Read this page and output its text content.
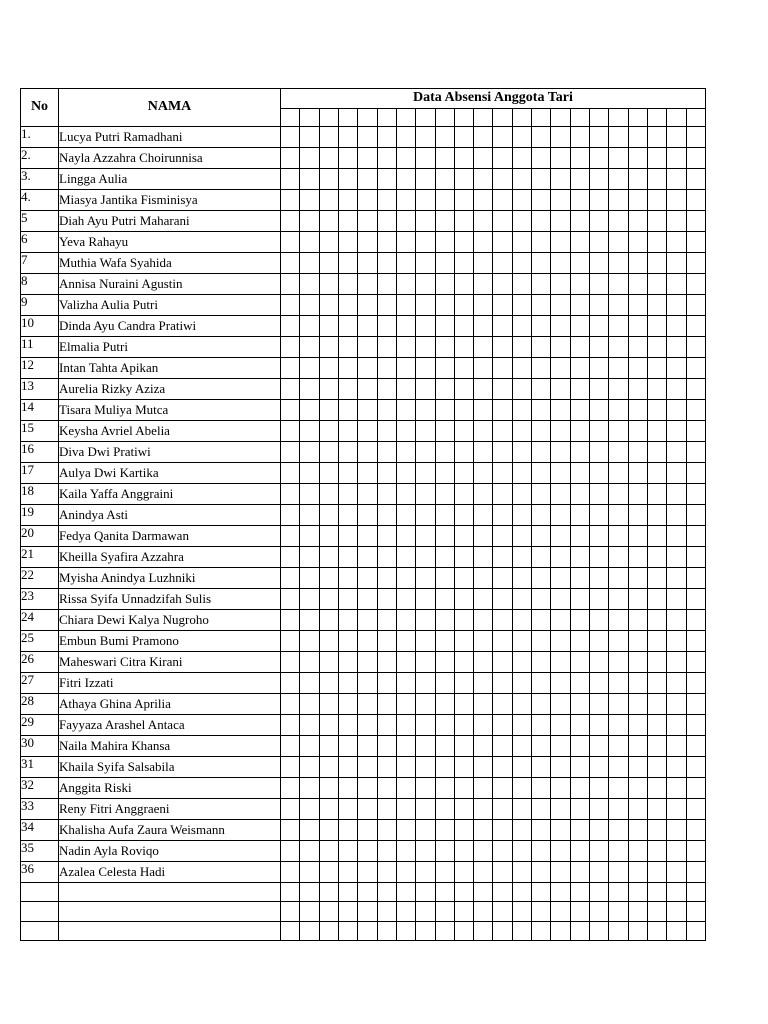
No	NAMA	Data Absensi Anggota Tari																					

1.	Lucya Putri Ramadhani																						
2.	Nayla Azzahra Choirunnisa																						
3.	Lingga Aulia																						
4.	Miasya Jantika Fisminisya																						
5	Diah Ayu Putri Maharani																						
6	Yeva Rahayu																						
7	Muthia Wafa Syahida																						
8	Annisa Nuraini Agustin																						
9	Valizha Aulia Putri																						
10	Dinda Ayu Candra Pratiwi																						
11	Elmalia Putri																						
12	Intan Tahta Apikan																						
13	Aurelia Rizky Aziza																						
14	Tisara Muliya Mutca																						
15	Keysha Avriel Abelia																						
16	Diva Dwi Pratiwi																						
17	Aulya Dwi Kartika																						
18	Kaila Yaffa Anggraini																						
19	Anindya Asti																						
20	Fedya Qanita Darmawan																						
21	Kheilla Syafira Azzahra																						
22	Myisha Anindya Luzhniki																						
23	Rissa Syifa Unnadzifah Sulis																						
24	Chiara Dewi Kalya Nugroho																						
25	Embun Bumi Pramono																						
26	Maheswari Citra Kirani																						
27	Fitri Izzati																						
28	Athaya Ghina Aprilia																						
29	Fayyaza Arashel Antaca																						
30	Naila Mahira Khansa																						
31	Khaila Syifa Salsabila																						
32	Anggita Riski																						
33	Reny Fitri Anggraeni																						
34	Khalisha Aufa Zaura Weismann																						
35	Nadin Ayla Roviqo																						
36	Azalea Celesta Hadi																						
